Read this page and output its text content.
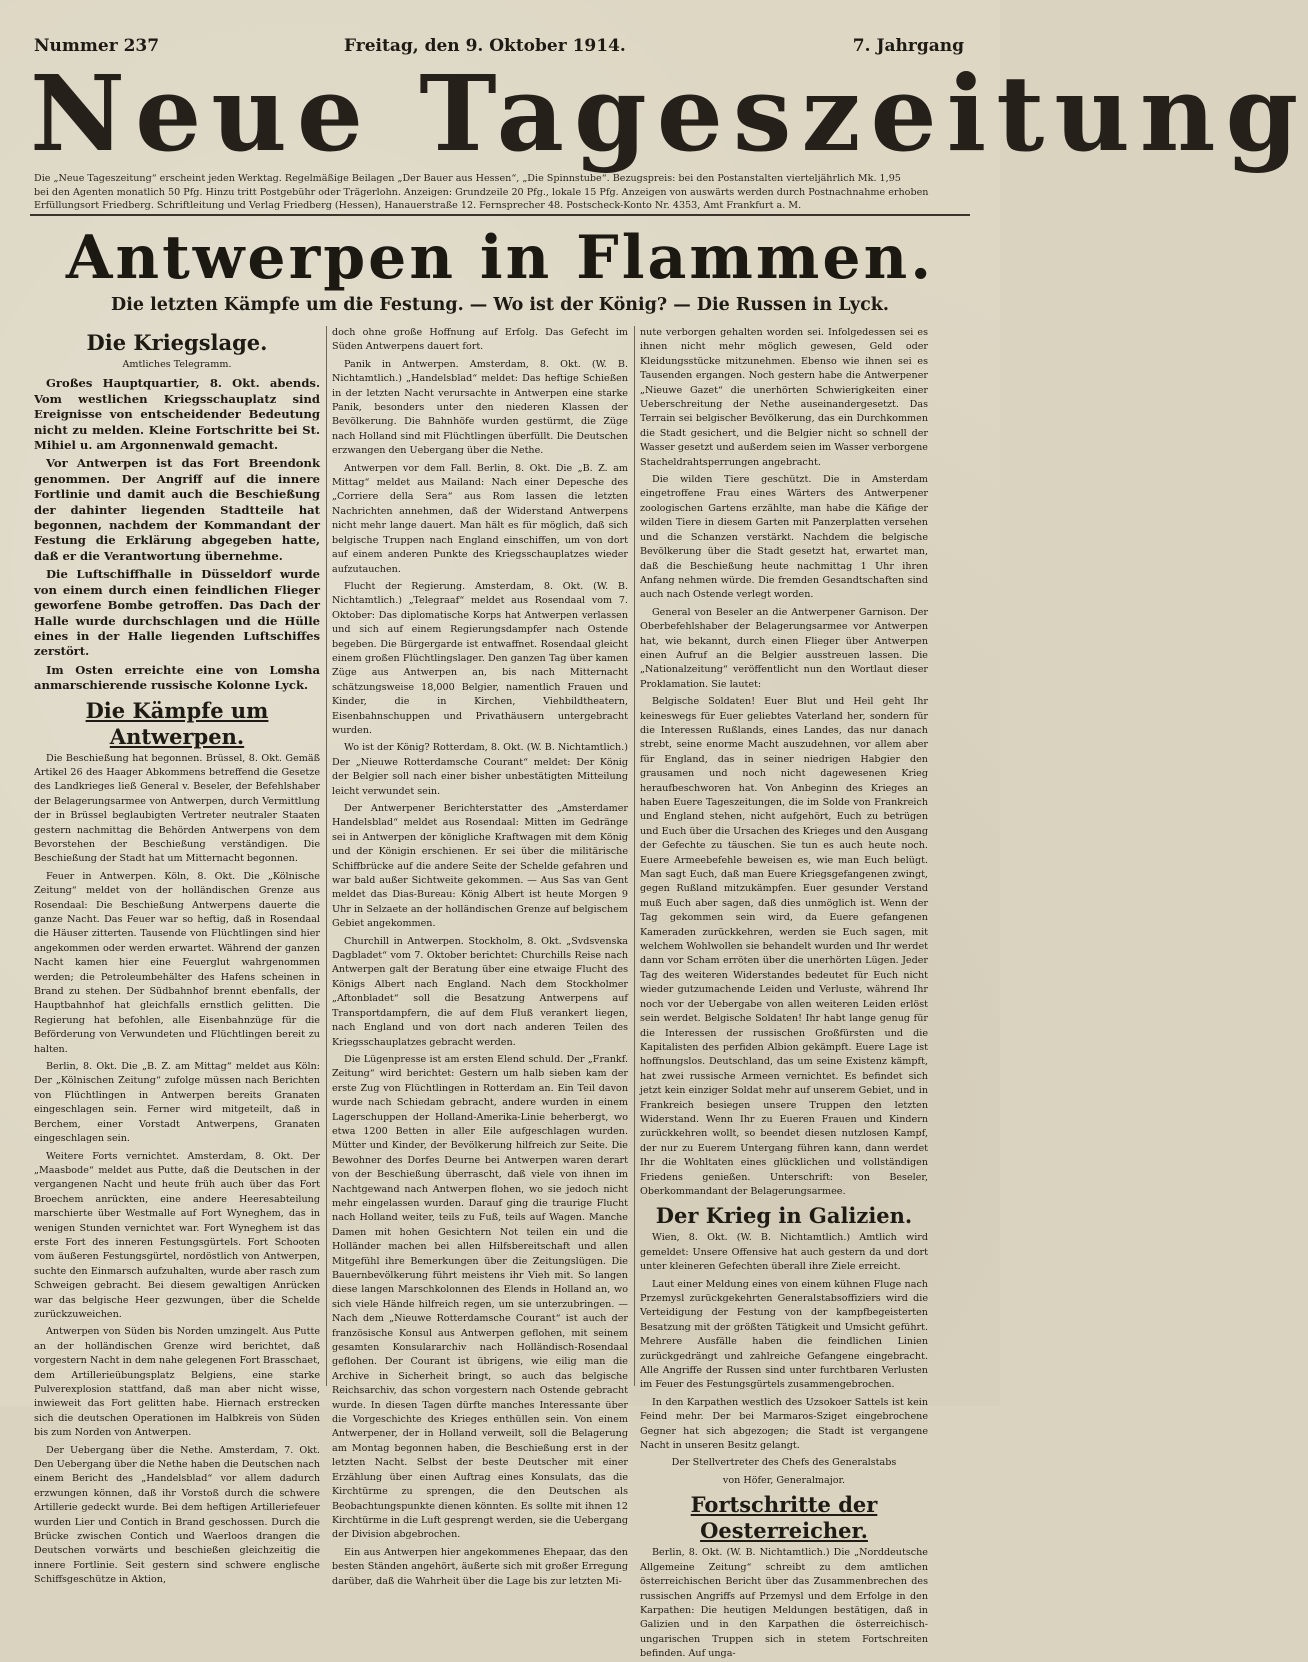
Nummer 237	Freitag, den 9. Oktober 1914.	7. Jahrgang
Neue Tageszeitung
Die „Neue Tageszeitung“ erscheint jeden Werktag. Regelmäßige Beilagen „Der Bauer aus Hessen“, „Die Spinnstube“. Bezugspreis: bei den Postanstalten vierteljährlich Mk. 1,95
bei den Agenten monatlich 50 Pfg. Hinzu tritt Postgebühr oder Trägerlohn. Anzeigen: Grundzeile 20 Pfg., lokale 15 Pfg. Anzeigen von auswärts werden durch Postnachnahme erhoben
Erfüllungsort Friedberg. Schriftleitung und Verlag Friedberg (Hessen), Hanauerstraße 12. Fernsprecher 48. Postscheck-Konto Nr. 4353, Amt Frankfurt a. M.
Antwerpen in Flammen.
Die letzten Kämpfe um die Festung. — Wo ist der König? — Die Russen in Lyck.
Die Kriegslage.

Amtliches Telegramm.

Großes Hauptquartier, 8. Okt. abends. Vom westlichen Kriegsschauplatz sind Ereignisse von entscheidender Bedeutung nicht zu melden. Kleine Fortschritte bei St. Mihiel u. am Argonnenwald gemacht.

Vor Antwerpen ist das Fort Breendonk genommen. Der Angriff auf die innere Fortlinie und damit auch die Beschießung der dahinter liegenden Stadtteile hat begonnen, nachdem der Kommandant der Festung die Erklärung abgegeben hatte, daß er die Verantwortung übernehme.

Die Luftschiffhalle in Düsseldorf wurde von einem durch einen feindlichen Flieger geworfene Bombe getroffen. Das Dach der Halle wurde durchschlagen und die Hülle eines in der Halle liegenden Luftschiffes zerstört.

Im Osten erreichte eine von Lomsha anmarschierende russische Kolonne Lyck.

Die Kämpfe um Antwerpen.

Die Beschießung hat begonnen. Brüssel, 8. Okt. Gemäß Artikel 26 des Haager Abkommens betreffend die Gesetze des Landkrieges ließ General v. Beseler, der Befehlshaber der Belagerungsarmee von Antwerpen, durch Vermittlung der in Brüssel beglaubigten Vertreter neutraler Staaten gestern nachmittag die Behörden Antwerpens von dem Bevorstehen der Beschießung verständigen. Die Beschießung der Stadt hat um Mitternacht begonnen.

Feuer in Antwerpen. Köln, 8. Okt. Die „Kölnische Zeitung“ meldet von der holländischen Grenze aus Rosendaal: Die Beschießung Antwerpens dauerte die ganze Nacht. Das Feuer war so heftig, daß in Rosendaal die Häuser zitterten. Tausende von Flüchtlingen sind hier angekommen oder werden erwartet. Während der ganzen Nacht kamen hier eine Feuerglut wahrgenommen werden; die Petroleumbehälter des Hafens scheinen in Brand zu stehen. Der Südbahnhof brennt ebenfalls, der Hauptbahnhof hat gleichfalls ernstlich gelitten. Die Regierung hat befohlen, alle Eisenbahnzüge für die Beförderung von Verwundeten und Flüchtlingen bereit zu halten.

Berlin, 8. Okt. Die „B. Z. am Mittag“ meldet aus Köln: Der „Kölnischen Zeitung“ zufolge müssen nach Berichten von Flüchtlingen in Antwerpen bereits Granaten eingeschlagen sein. Ferner wird mitgeteilt, daß in Berchem, einer Vorstadt Antwerpens, Granaten eingeschlagen sein.

Weitere Forts vernichtet. Amsterdam, 8. Okt. Der „Maasbode“ meldet aus Putte, daß die Deutschen in der vergangenen Nacht und heute früh auch über das Fort Broechem anrückten, eine andere Heeresabteilung marschierte über Westmalle auf Fort Wyneghem, das in wenigen Stunden vernichtet war. Fort Wyneghem ist das erste Fort des inneren Festungsgürtels. Fort Schooten vom äußeren Festungsgürtel, nordöstlich von Antwerpen, suchte den Einmarsch aufzuhalten, wurde aber rasch zum Schweigen gebracht. Bei diesem gewaltigen Anrücken war das belgische Heer gezwungen, über die Schelde zurückzuweichen.

Antwerpen von Süden bis Norden umzingelt. Aus Putte an der holländischen Grenze wird berichtet, daß vorgestern Nacht in dem nahe gelegenen Fort Brasschaet, dem Artillerieübungsplatz Belgiens, eine starke Pulverexplosion stattfand, daß man aber nicht wisse, inwieweit das Fort gelitten habe. Hiernach erstrecken sich die deutschen Operationen im Halbkreis von Süden bis zum Norden von Antwerpen.

Der Uebergang über die Nethe. Amsterdam, 7. Okt. Den Uebergang über die Nethe haben die Deutschen nach einem Bericht des „Handelsblad“ vor allem dadurch erzwungen können, daß ihr Vorstoß durch die schwere Artillerie gedeckt wurde. Bei dem heftigen Artilleriefeuer wurden Lier und Contich in Brand geschossen. Durch die Brücke zwischen Contich und Waerloos drangen die Deutschen vorwärts und beschießen gleichzeitig die innere Fortlinie. Seit gestern sind schwere englische Schiffsgeschütze in Aktion,

doch ohne große Hoffnung auf Erfolg. Das Gefecht im Süden Antwerpens dauert fort.

Panik in Antwerpen. Amsterdam, 8. Okt. (W. B. Nichtamtlich.) „Handelsblad“ meldet: Das heftige Schießen in der letzten Nacht verursachte in Antwerpen eine starke Panik, besonders unter den niederen Klassen der Bevölkerung. Die Bahnhöfe wurden gestürmt, die Züge nach Holland sind mit Flüchtlingen überfüllt. Die Deutschen erzwangen den Uebergang über die Nethe.

Antwerpen vor dem Fall. Berlin, 8. Okt. Die „B. Z. am Mittag“ meldet aus Mailand: Nach einer Depesche des „Corriere della Sera“ aus Rom lassen die letzten Nachrichten annehmen, daß der Widerstand Antwerpens nicht mehr lange dauert. Man hält es für möglich, daß sich belgische Truppen nach England einschiffen, um von dort auf einem anderen Punkte des Kriegsschauplatzes wieder aufzutauchen.

Flucht der Regierung. Amsterdam, 8. Okt. (W. B. Nichtamtlich.) „Telegraaf“ meldet aus Rosendaal vom 7. Oktober: Das diplomatische Korps hat Antwerpen verlassen und sich auf einem Regierungsdampfer nach Ostende begeben. Die Bürgergarde ist entwaffnet. Rosendaal gleicht einem großen Flüchtlingslager. Den ganzen Tag über kamen Züge aus Antwerpen an, bis nach Mitternacht schätzungsweise 18,000 Belgier, namentlich Frauen und Kinder, die in Kirchen, Viehbildtheatern, Eisenbahnschuppen und Privathäusern untergebracht wurden.

Wo ist der König? Rotterdam, 8. Okt. (W. B. Nichtamtlich.) Der „Nieuwe Rotterdamsche Courant“ meldet: Der König der Belgier soll nach einer bisher unbestätigten Mitteilung leicht verwundet sein.

Der Antwerpener Berichterstatter des „Amsterdamer Handelsblad“ meldet aus Rosendaal: Mitten im Gedränge sei in Antwerpen der königliche Kraftwagen mit dem König und der Königin erschienen. Er sei über die militärische Schiffbrücke auf die andere Seite der Schelde gefahren und war bald außer Sichtweite gekommen. — Aus Sas van Gent meldet das Dias-Bureau: König Albert ist heute Morgen 9 Uhr in Selzaete an der holländischen Grenze auf belgischem Gebiet angekommen.

Churchill in Antwerpen. Stockholm, 8. Okt. „Svdsvenska Dagbladet“ vom 7. Oktober berichtet: Churchills Reise nach Antwerpen galt der Beratung über eine etwaige Flucht des Königs Albert nach England. Nach dem Stockholmer „Aftonbladet“ soll die Besatzung Antwerpens auf Transportdampfern, die auf dem Fluß verankert liegen, nach England und von dort nach anderen Teilen des Kriegsschauplatzes gebracht werden.

Die Lügenpresse ist am ersten Elend schuld. Der „Frankf. Zeitung“ wird berichtet: Gestern um halb sieben kam der erste Zug von Flüchtlingen in Rotterdam an. Ein Teil davon wurde nach Schiedam gebracht, andere wurden in einem Lagerschuppen der Holland-Amerika-Linie beherbergt, wo etwa 1200 Betten in aller Eile aufgeschlagen wurden. Mütter und Kinder, der Bevölkerung hilfreich zur Seite. Die Bewohner des Dorfes Deurne bei Antwerpen waren derart von der Beschießung überrascht, daß viele von ihnen im Nachtgewand nach Antwerpen flohen, wo sie jedoch nicht mehr eingelassen wurden. Darauf ging die traurige Flucht nach Holland weiter, teils zu Fuß, teils auf Wagen. Manche Damen mit hohen Gesichtern Not teilen ein und die Holländer machen bei allen Hilfsbereitschaft und allen Mitgefühl ihre Bemerkungen über die Zeitungslügen. Die Bauernbevölkerung führt meistens ihr Vieh mit. So langen diese langen Marschkolonnen des Elends in Holland an, wo sich viele Hände hilfreich regen, um sie unterzubringen. — Nach dem „Nieuwe Rotterdamsche Courant“ ist auch der französische Konsul aus Antwerpen geflohen, mit seinem gesamten Konsulararchiv nach Holländisch-Rosendaal geflohen. Der Courant ist übrigens, wie eilig man die Archive in Sicherheit bringt, so auch das belgische Reichsarchiv, das schon vorgestern nach Ostende gebracht wurde. In diesen Tagen dürfte manches Interessante über die Vorgeschichte des Krieges enthüllen sein. Von einem Antwerpener, der in Holland verweilt, soll die Belagerung am Montag begonnen haben, die Beschießung erst in der letzten Nacht. Selbst der beste Deutscher mit einer Erzählung über einen Auftrag eines Konsulats, das die Kirchtürme zu sprengen, die den Deutschen als Beobachtungspunkte dienen könnten. Es sollte mit ihnen 12 Kirchtürme in die Luft gesprengt werden, sie die Uebergang der Division abgebrochen.

Ein aus Antwerpen hier angekommenes Ehepaar, das den besten Ständen angehört, äußerte sich mit großer Erregung darüber, daß die Wahrheit über die Lage bis zur letzten Mi-

nute verborgen gehalten worden sei. Infolgedessen sei es ihnen nicht mehr möglich gewesen, Geld oder Kleidungsstücke mitzunehmen. Ebenso wie ihnen sei es Tausenden ergangen. Noch gestern habe die Antwerpener „Nieuwe Gazet“ die unerhörten Schwierigkeiten einer Ueberschreitung der Nethe auseinandergesetzt. Das Terrain sei belgischer Bevölkerung, das ein Durchkommen die Stadt gesichert, und die Belgier nicht so schnell der Wasser gesetzt und außerdem seien im Wasser verborgene Stacheldrahtsperrungen angebracht.

Die wilden Tiere geschützt. Die in Amsterdam eingetroffene Frau eines Wärters des Antwerpener zoologischen Gartens erzählte, man habe die Käfige der wilden Tiere in diesem Garten mit Panzerplatten versehen und die Schanzen verstärkt. Nachdem die belgische Bevölkerung über die Stadt gesetzt hat, erwartet man, daß die Beschießung heute nachmittag 1 Uhr ihren Anfang nehmen würde. Die fremden Gesandtschaften sind auch nach Ostende verlegt worden.

General von Beseler an die Antwerpener Garnison. Der Oberbefehlshaber der Belagerungsarmee vor Antwerpen hat, wie bekannt, durch einen Flieger über Antwerpen einen Aufruf an die Belgier ausstreuen lassen. Die „Nationalzeitung“ veröffentlicht nun den Wortlaut dieser Proklamation. Sie lautet:

Belgische Soldaten! Euer Blut und Heil geht Ihr keineswegs für Euer geliebtes Vaterland her, sondern für die Interessen Rußlands, eines Landes, das nur danach strebt, seine enorme Macht auszudehnen, vor allem aber für England, das in seiner niedrigen Habgier den grausamen und noch nicht dagewesenen Krieg heraufbeschworen hat. Von Anbeginn des Krieges an haben Euere Tageszeitungen, die im Solde von Frankreich und England stehen, nicht aufgehört, Euch zu betrügen und Euch über die Ursachen des Krieges und den Ausgang der Gefechte zu täuschen. Sie tun es auch heute noch. Euere Armeebefehle beweisen es, wie man Euch belügt. Man sagt Euch, daß man Euere Kriegsgefangenen zwingt, gegen Rußland mitzukämpfen. Euer gesunder Verstand muß Euch aber sagen, daß dies unmöglich ist. Wenn der Tag gekommen sein wird, da Euere gefangenen Kameraden zurückkehren, werden sie Euch sagen, mit welchem Wohlwollen sie behandelt wurden und Ihr werdet dann vor Scham erröten über die unerhörten Lügen. Jeder Tag des weiteren Widerstandes bedeutet für Euch nicht wieder gutzumachende Leiden und Verluste, während Ihr noch vor der Uebergabe von allen weiteren Leiden erlöst sein werdet. Belgische Soldaten! Ihr habt lange genug für die Interessen der russischen Großfürsten und die Kapitalisten des perfiden Albion gekämpft. Euere Lage ist hoffnungslos. Deutschland, das um seine Existenz kämpft, hat zwei russische Armeen vernichtet. Es befindet sich jetzt kein einziger Soldat mehr auf unserem Gebiet, und in Frankreich besiegen unsere Truppen den letzten Widerstand. Wenn Ihr zu Eueren Frauen und Kindern zurückkehren wollt, so beendet diesen nutzlosen Kampf, der nur zu Euerem Untergang führen kann, dann werdet Ihr die Wohltaten eines glücklichen und vollständigen Friedens genießen. Unterschrift: von Beseler, Oberkommandant der Belagerungsarmee.

Der Krieg in Galizien.

Wien, 8. Okt. (W. B. Nichtamtlich.) Amtlich wird gemeldet: Unsere Offensive hat auch gestern da und dort unter kleineren Gefechten überall ihre Ziele erreicht.

Laut einer Meldung eines von einem kühnen Fluge nach Przemysl zurückgekehrten Generalstabsoffiziers wird die Verteidigung der Festung von der kampfbegeisterten Besatzung mit der größten Tätigkeit und Umsicht geführt. Mehrere Ausfälle haben die feindlichen Linien zurückgedrängt und zahlreiche Gefangene eingebracht. Alle Angriffe der Russen sind unter furchtbaren Verlusten im Feuer des Festungsgürtels zusammengebrochen.

In den Karpathen westlich des Uzsokoer Sattels ist kein Feind mehr. Der bei Marmaros-Sziget eingebrochene Gegner hat sich abgezogen; die Stadt ist vergangene Nacht in unseren Besitz gelangt.

Der Stellvertreter des Chefs des Generalstabs

von Höfer, Generalmajor.

Fortschritte der Oesterreicher.

Berlin, 8. Okt. (W. B. Nichtamtlich.) Die „Norddeutsche Allgemeine Zeitung“ schreibt zu dem amtlichen österreichischen Bericht über das Zusammenbrechen des russischen Angriffs auf Przemysl und dem Erfolge in den Karpathen: Die heutigen Meldungen bestätigen, daß in Galizien und in den Karpathen die österreichisch-ungarischen Truppen sich in stetem Fortschreiten befinden. Auf unga-
